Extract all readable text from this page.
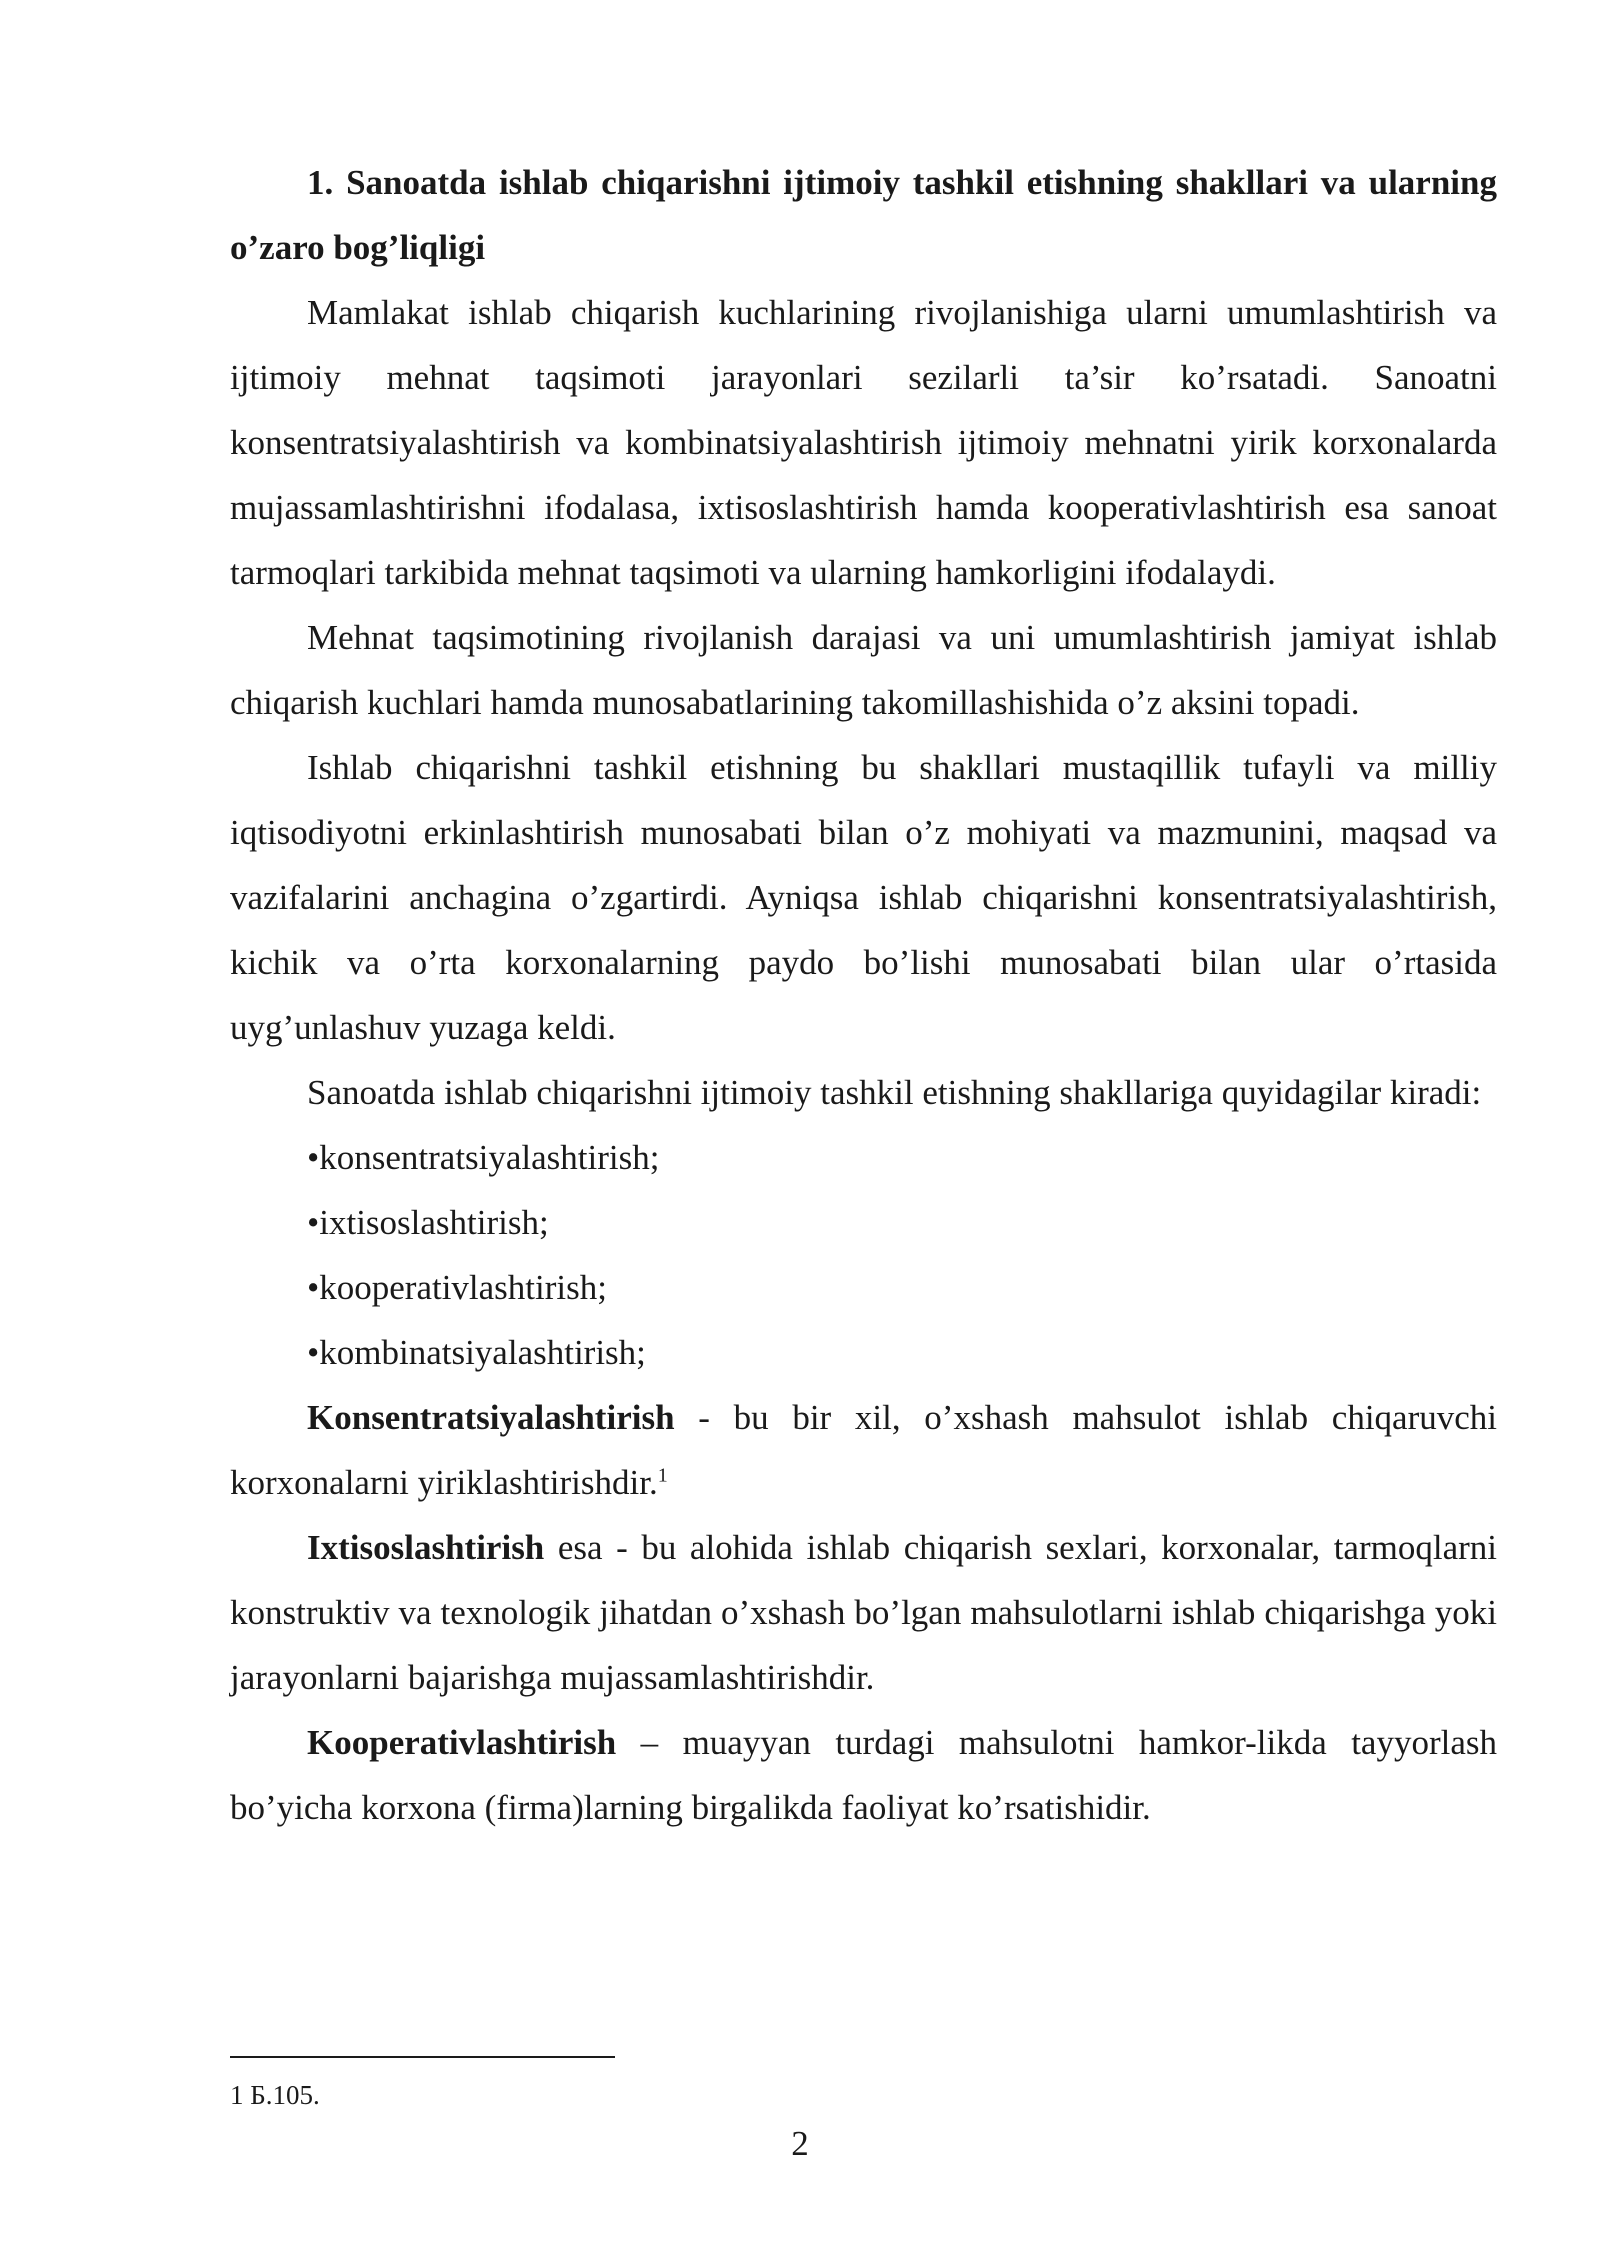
1. Sanoatda ishlab chiqarishni ijtimoiy tashkil etishning shakllari va ularning o’zaro bog’liqligi

Mamlakat ishlab chiqarish kuchlarining rivojlanishiga ularni umumlashtirish va ijtimoiy mehnat taqsimoti jarayonlari sezilarli ta’sir ko’rsatadi. Sanoatni konsentratsiyalashtirish va kombinatsiyalashtirish ijtimoiy mehnatni yirik korxonalarda mujassamlashtirishni ifodalasa, ixtisoslashtirish hamda kooperativlashtirish esa sanoat tarmoqlari tarkibida mehnat taqsimoti va ularning hamkorligini ifodalaydi.

Mehnat taqsimotining rivojlanish darajasi va uni umumlashtirish jamiyat ishlab chiqarish kuchlari hamda munosabatlarining takomillashishida o’z aksini topadi.

Ishlab chiqarishni tashkil etishning bu shakllari mustaqillik tufayli va milliy iqtisodiyotni erkinlashtirish munosabati bilan o’z mohiyati va mazmunini, maqsad va vazifalarini anchagina o’zgartirdi. Ayniqsa ishlab chiqarishni konsentratsiyalashtirish, kichik va o’rta korxonalarning paydo bo’lishi munosabati bilan ular o’rtasida uyg’unlashuv yuzaga keldi.

Sanoatda ishlab chiqarishni ijtimoiy tashkil etishning shakllariga quyidagilar kiradi:

•konsentratsiyalashtirish;

•ixtisoslashtirish;

•kooperativlashtirish;

•kombinatsiyalashtirish;

Konsentratsiyalashtirish - bu bir xil, o’xshash mahsulot ishlab chiqaruvchi korxonalarni yiriklashtirishdir.$^1$

Ixtisoslashtirish esa - bu alohida ishlab chiqarish sexlari, korxonalar, tarmoqlarni konstruktiv va texnologik jihatdan o’xshash bo’lgan mahsulotlarni ishlab chiqarishga yoki jarayonlarni bajarishga mujassamlashtirishdir.

Kooperativlashtirish – muayyan turdagi mahsulotni hamkor-likda tayyorlash bo’yicha korxona (firma)larning birgalikda faoliyat ko’rsatishidir.

1 Б.105.
2
